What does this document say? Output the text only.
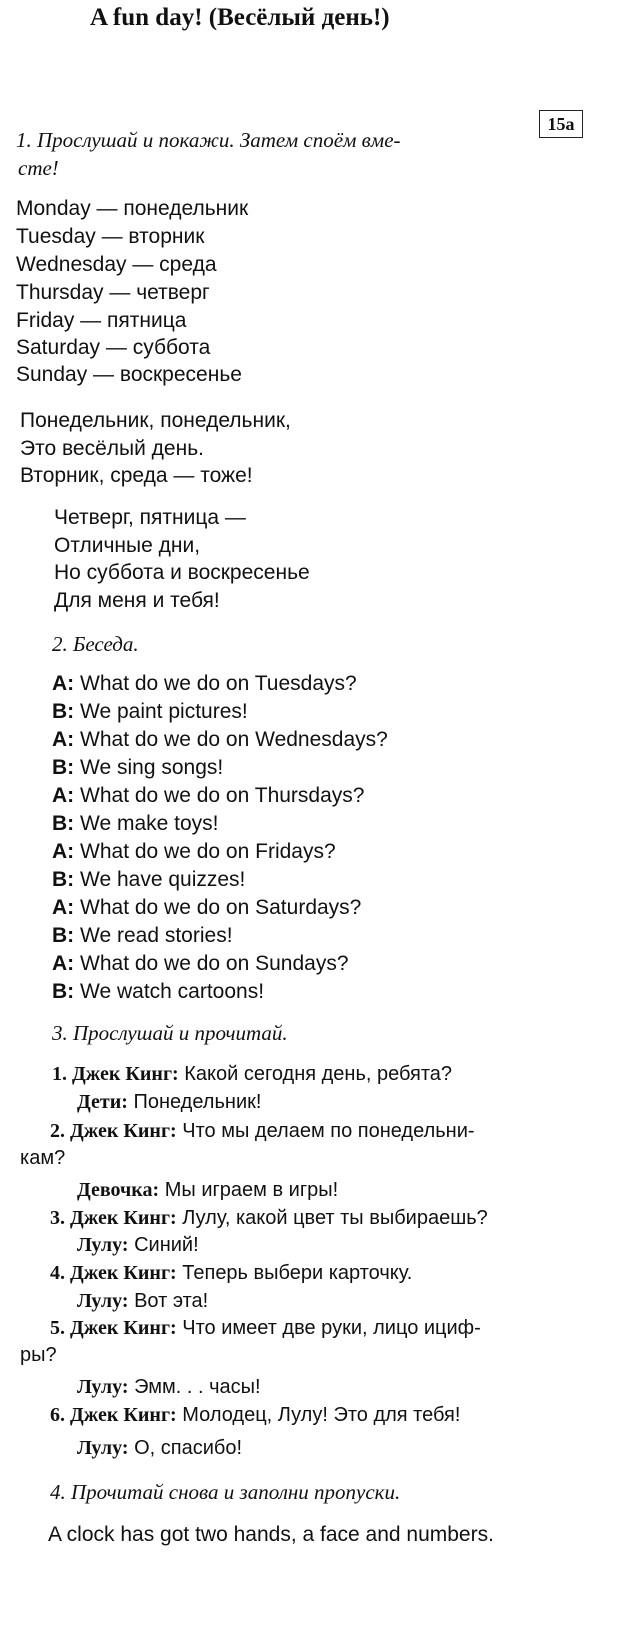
A fun day! (Весёлый день!)
15a
1. Прослушай и покажи. Затем споём вме-
сте!
Monday — понедельник
Tuesday — вторник
Wednesday — среда
Thursday — четверг
Friday — пятница
Saturday — суббота
Sunday — воскресенье
Понедельник, понедельник,
Это весёлый день.
Вторник, среда — тоже!
Четверг, пятница —
Отличные дни,
Но суббота и воскресенье
Для меня и тебя!
2. Беседа.
A: What do we do on Tuesdays?
B: We paint pictures!
A: What do we do on Wednesdays?
B: We sing songs!
A: What do we do on Thursdays?
B: We make toys!
A: What do we do on Fridays?
B: We have quizzes!
A: What do we do on Saturdays?
B: We read stories!
A: What do we do on Sundays?
B: We watch cartoons!
3. Прослушай и прочитай.
1. Джек Кинг: Какой сегодня день, ребята?
Дети: Понедельник!
2. Джек Кинг: Что мы делаем по понедельни-
кам?
Девочка: Мы играем в игры!
3. Джек Кинг: Лулу, какой цвет ты выбираешь?
Лулу: Синий!
4. Джек Кинг: Теперь выбери карточку.
Лулу: Вот эта!
5. Джек Кинг: Что имеет две руки, лицо ициф-
ры?
Лулу: Эмм. . . часы!
6. Джек Кинг: Молодец, Лулу! Это для тебя!
Лулу: О, спасибо!
4. Прочитай снова и заполни пропуски.
A clock has got two hands, a face and numbers.
